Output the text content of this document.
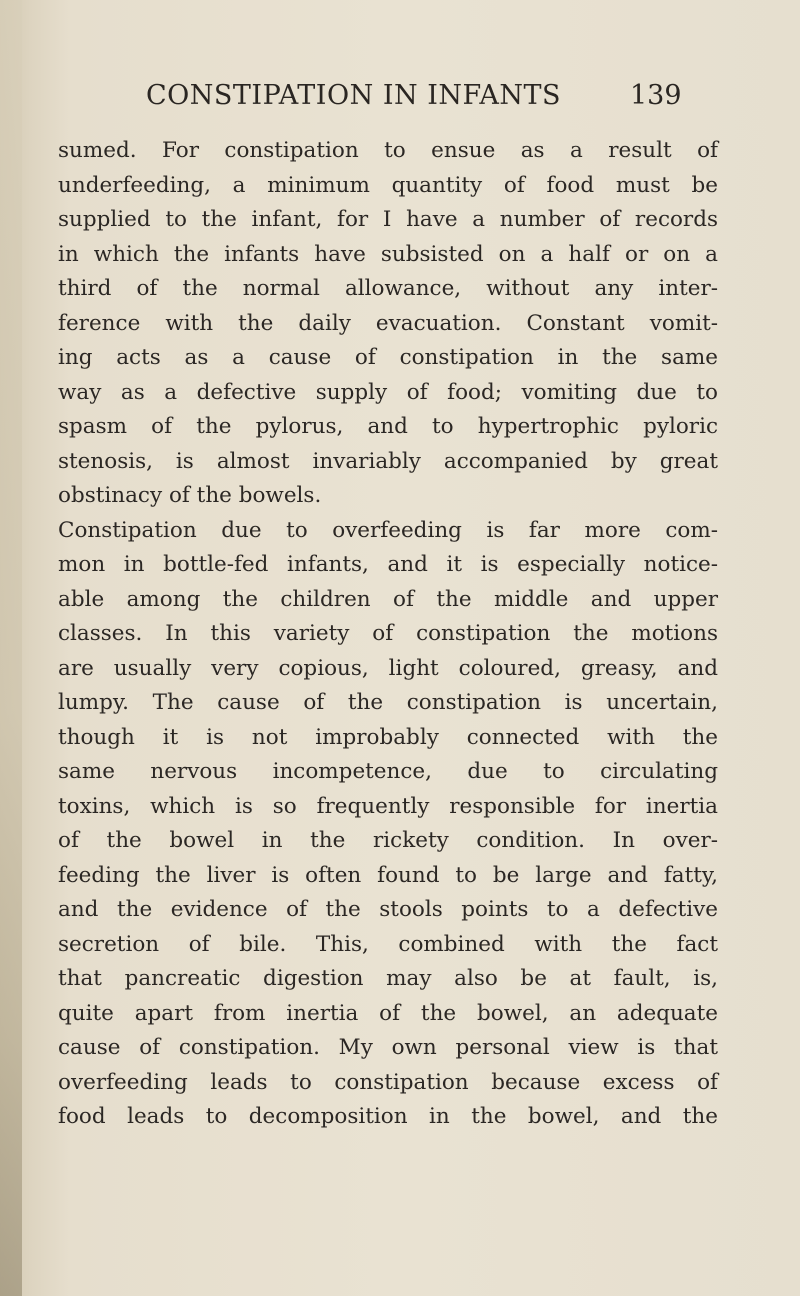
CONSTIPATION IN INFANTS	139
sumed. For constipation to ensue as a result of
underfeeding, a minimum quantity of food must be
supplied to the infant, for I have a number of records
in which the infants have subsisted on a half or on a
third of the normal allowance, without any inter-
ference with the daily evacuation. Constant vomit-
ing acts as a cause of constipation in the same
way as a defective supply of food; vomiting due to
spasm of the pylorus, and to hypertrophic pyloric
stenosis, is almost invariably accompanied by great
obstinacy of the bowels.
Constipation due to overfeeding is far more com-
mon in bottle-fed infants, and it is especially notice-
able among the children of the middle and upper
classes. In this variety of constipation the motions
are usually very copious, light coloured, greasy, and
lumpy. The cause of the constipation is uncertain,
though it is not improbably connected with the
same nervous incompetence, due to circulating
toxins, which is so frequently responsible for inertia
of the bowel in the rickety condition. In over-
feeding the liver is often found to be large and fatty,
and the evidence of the stools points to a defective
secretion of bile. This, combined with the fact
that pancreatic digestion may also be at fault, is,
quite apart from inertia of the bowel, an adequate
cause of constipation. My own personal view is that
overfeeding leads to constipation because excess of
food leads to decomposition in the bowel, and the
